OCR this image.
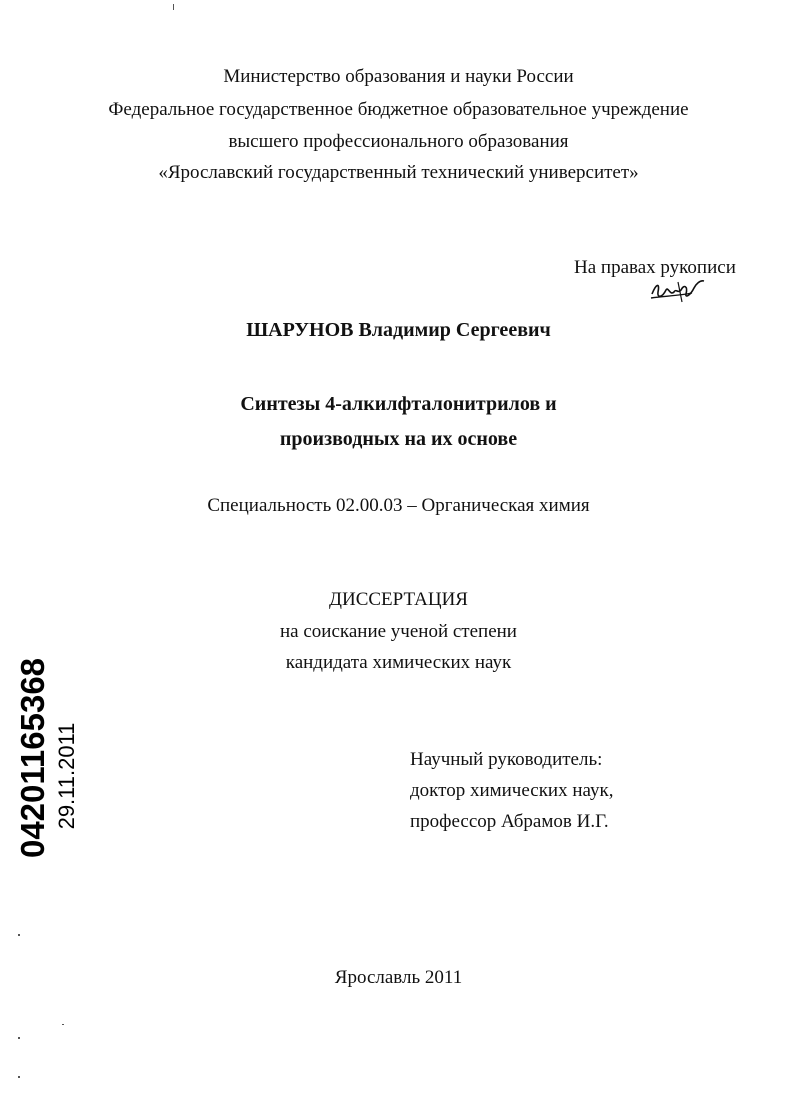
Министерство образования и науки России
Федеральное государственное бюджетное образовательное учреждение
высшего профессионального образования
«Ярославский государственный технический университет»
На правах рукописи
ШАРУНОВ Владимир Сергеевич
Синтезы 4-алкилфталонитрилов и
производных на их основе
Специальность 02.00.03 – Органическая химия
ДИССЕРТАЦИЯ
на соискание ученой степени
кандидата химических наук
Научный руководитель:
доктор химических наук,
профессор Абрамов И.Г.
Ярославль 2011
04201165368 29.11.2011
